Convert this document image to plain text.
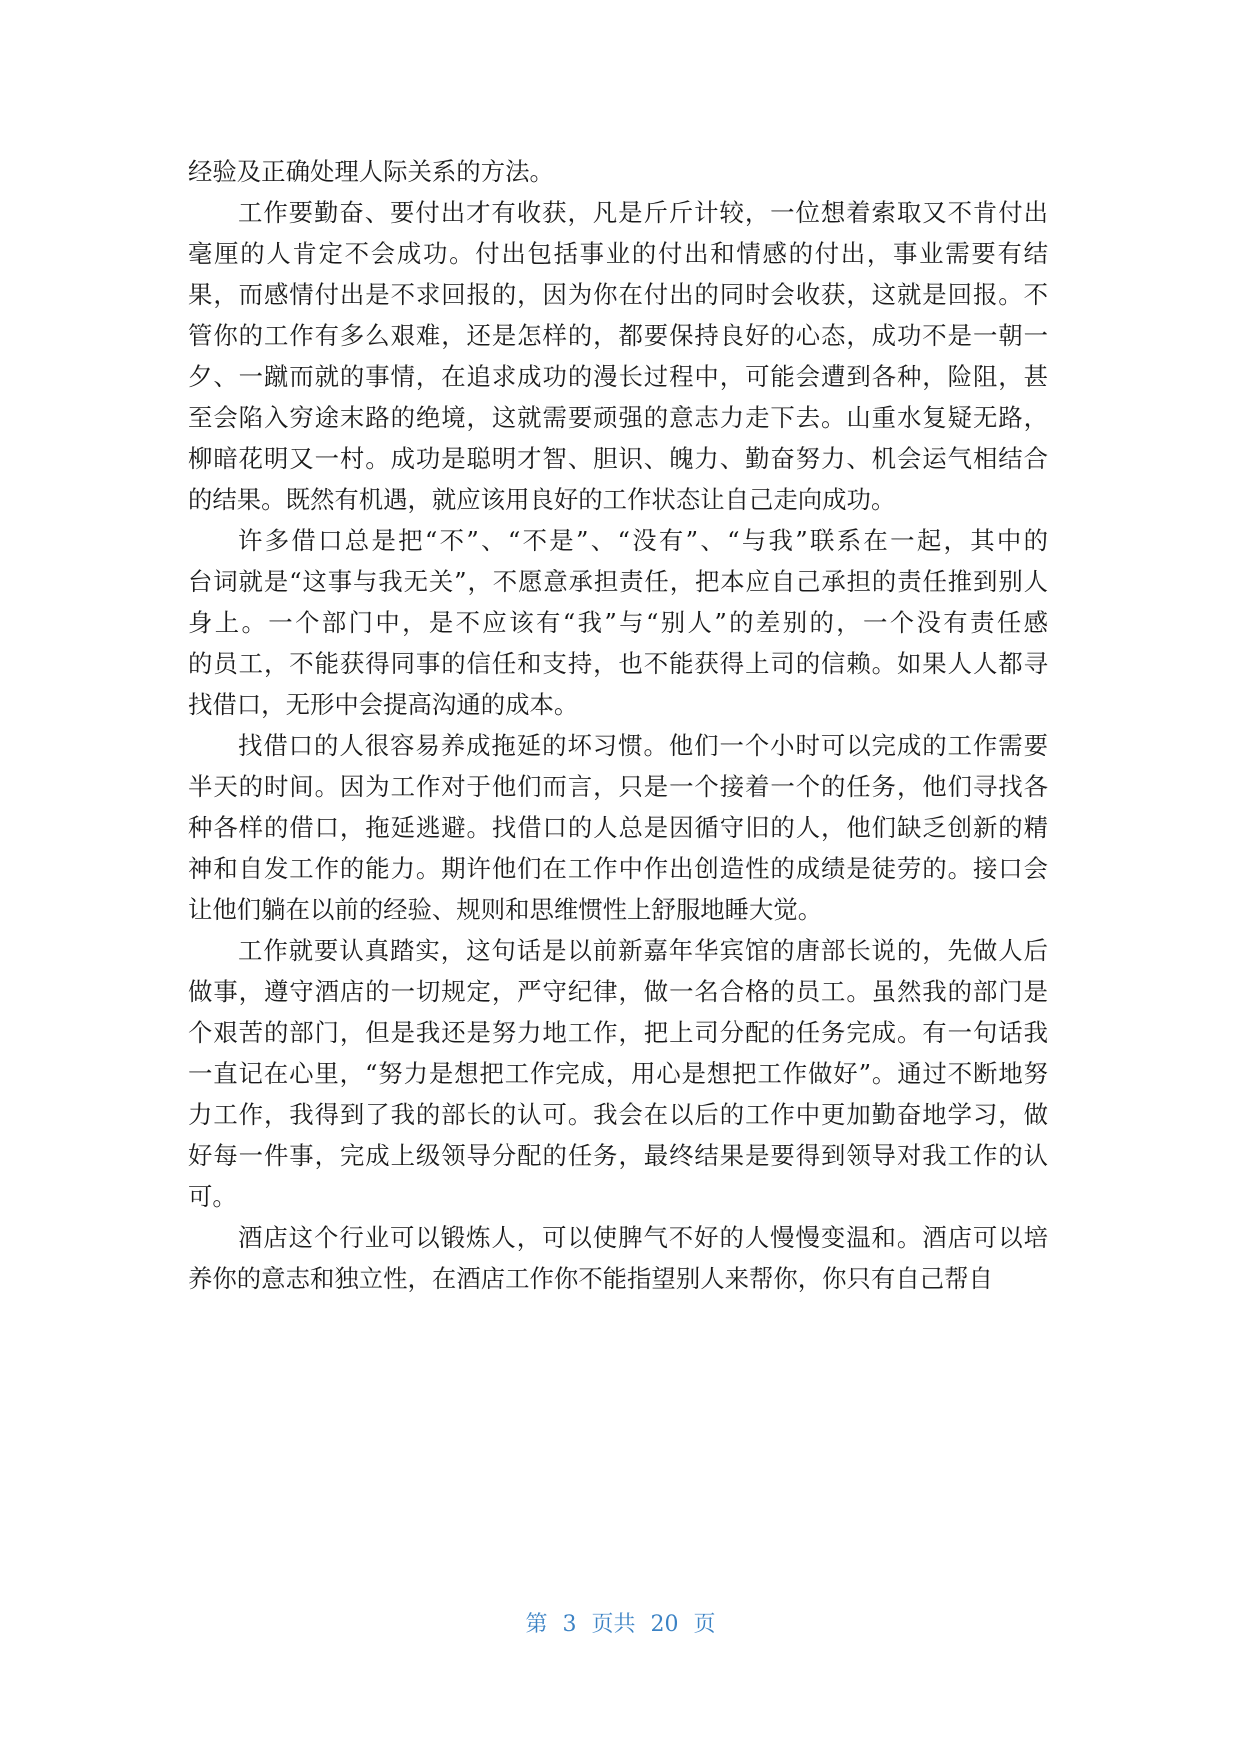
经验及正确处理人际关系的方法。
工作要勤奋、要付出才有收获，凡是斤斤计较，一位想着索取又不肯付出
毫厘的人肯定不会成功。付出包括事业的付出和情感的付出，事业需要有结
果，而感情付出是不求回报的，因为你在付出的同时会收获，这就是回报。不
管你的工作有多么艰难，还是怎样的，都要保持良好的心态，成功不是一朝一
夕、一蹴而就的事情，在追求成功的漫长过程中，可能会遭到各种，险阻，甚
至会陷入穷途末路的绝境，这就需要顽强的意志力走下去。山重水复疑无路，
柳暗花明又一村。成功是聪明才智、胆识、魄力、勤奋努力、机会运气相结合
的结果。既然有机遇，就应该用良好的工作状态让自己走向成功。
许多借口总是把“不”、“不是”、“没有”、“与我”联系在一起，其中的
台词就是“这事与我无关”，不愿意承担责任，把本应自己承担的责任推到别人
身上。一个部门中，是不应该有“我”与“别人”的差别的，一个没有责任感
的员工，不能获得同事的信任和支持，也不能获得上司的信赖。如果人人都寻
找借口，无形中会提高沟通的成本。
找借口的人很容易养成拖延的坏习惯。他们一个小时可以完成的工作需要
半天的时间。因为工作对于他们而言，只是一个接着一个的任务，他们寻找各
种各样的借口，拖延逃避。找借口的人总是因循守旧的人，他们缺乏创新的精
神和自发工作的能力。期许他们在工作中作出创造性的成绩是徒劳的。接口会
让他们躺在以前的经验、规则和思维惯性上舒服地睡大觉。
工作就要认真踏实，这句话是以前新嘉年华宾馆的唐部长说的，先做人后
做事，遵守酒店的一切规定，严守纪律，做一名合格的员工。虽然我的部门是
个艰苦的部门，但是我还是努力地工作，把上司分配的任务完成。有一句话我
一直记在心里，“努力是想把工作完成，用心是想把工作做好”。通过不断地努
力工作，我得到了我的部长的认可。我会在以后的工作中更加勤奋地学习，做
好每一件事，完成上级领导分配的任务，最终结果是要得到领导对我工作的认
可。
酒店这个行业可以锻炼人，可以使脾气不好的人慢慢变温和。酒店可以培
养你的意志和独立性，在酒店工作你不能指望别人来帮你，你只有自己帮自
第 3 页共 20 页
